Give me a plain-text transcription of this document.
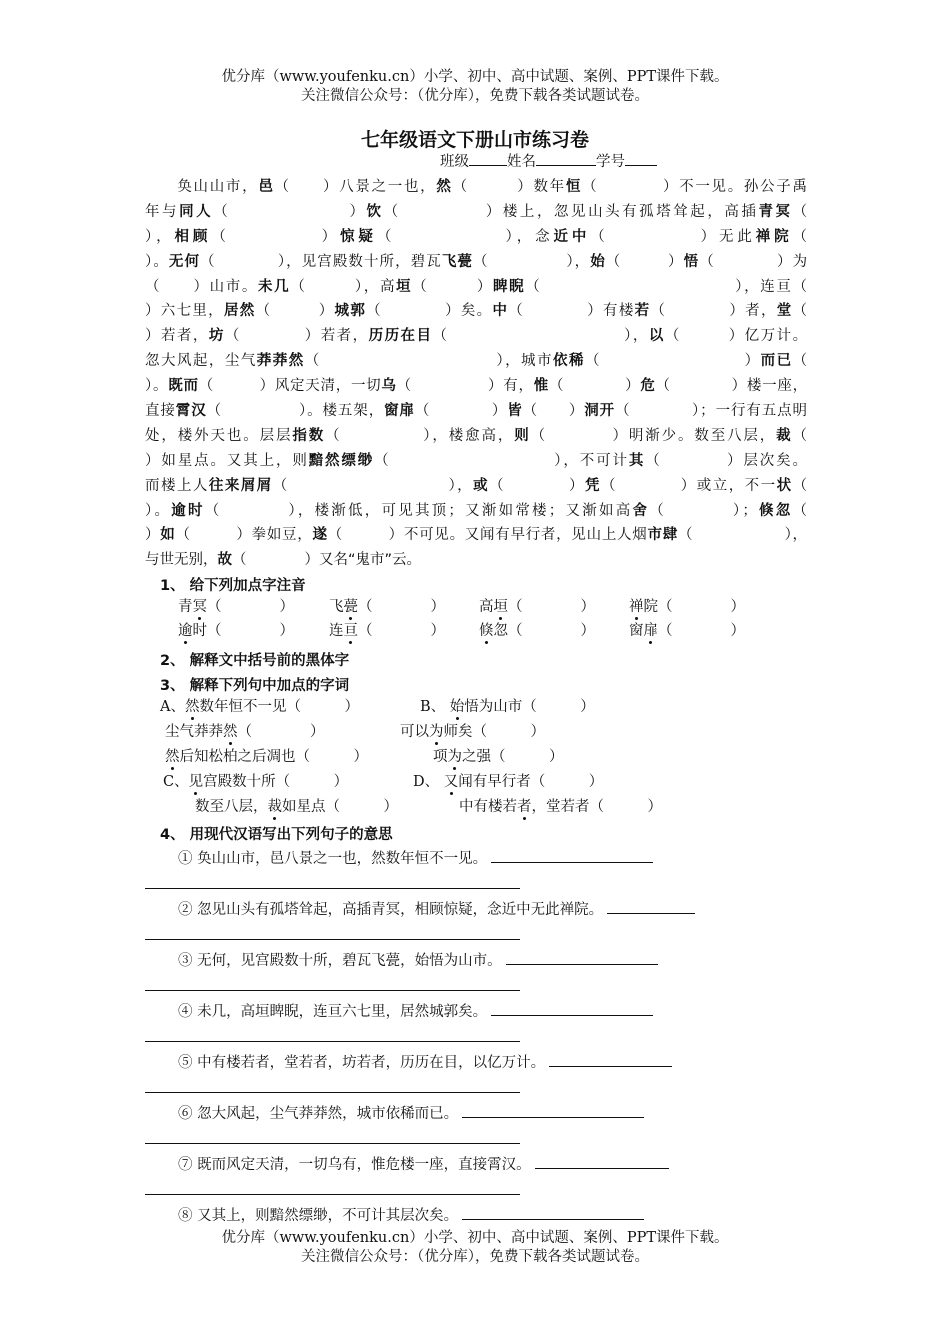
优分库（www.youfenku.cn）小学、初中、高中试题、案例、PPT课件下载。
关注微信公众号：（优分库），免费下载各类试题试卷。
七年级语文下册山市练习卷
班级	姓名	学号
　　奂山山市，邑（　　）八景之一也，然（　　　）数年恒（　　　　）不一见。孙公子禹
年与同人（　　　　　　　）饮（　　　　　）楼上，忽见山头有孤塔耸起，高插青冥（
），相顾（　　　　　）惊疑（　　　　　　），念近中（　　　　　）无此禅院（
）。无何（　　　　），见宫殿数十所，碧瓦飞甍（　　　　　），始（　　　）悟（　　　　）为
（　　）山市。未几（　　　），高垣（　　　）睥睨（　　　　　　　　　　　　），连亘（
）六七里，居然（　　　）城郭（　　　　）矣。中（　　　　）有楼若（　　　　）者，堂（
）若者，坊（　　　　）若者，历历在目（　　　　　　　　　　　），以（　　　）亿万计。
忽大风起，尘气莽莽然（　　　　　　　　　　　），城市依稀（　　　　　　　　　）而已（
）。既而（　　　）风定天清，一切乌（　　　　　）有，惟（　　　　）危（　　　　）楼一座，
直接霄汉（　　　　　）。楼五架，窗扉（　　　　）皆（　　）洞开（　　　　）；一行有五点明
处，楼外天也。层层指数（　　　　　），楼愈高，则（　　　　）明渐少。数至八层，裁（
）如星点。又其上，则黯然缥缈（　　　　　　　　　　），不可计其（　　　　）层次矣。
而楼上人往来屑屑（　　　　　　　　　　），或（　　　　）凭（　　　　）或立，不一状（
）。逾时（　　　　），楼渐低，可见其顶；又渐如常楼；又渐如高舍（　　　　）；倏忽（
）如（　　　）拳如豆，遂（　　　）不可见。又闻有早行者，见山上人烟市肆（　　　　　　），
与世无别，故（　　　　）又名“鬼市”云。
1、 给下列加点字注音
青冥（　　　　） 飞甍（　　　　） 高垣（　　　　） 禅院（　　　　）
逾时（　　　　） 连亘（　　　　） 倏忽（　　　　） 窗扉（　　　　）
2、 解释文中括号前的黑体字
3、 解释下列句中加点的字词
A、然数年恒不一见（　　　）	B、 始悟为山市（　　　）
尘气莽莽然（　　　　）	可以为师矣（　　　）
然后知松柏之后凋也（　　　）	项为之强（　　　）
C、见宫殿数十所（　　　）	D、 又闻有早行者（　　　）
数至八层，裁如星点（　　　）	中有楼若者，堂若者（　　　）
4、 用现代汉语写出下列句子的意思
① 奂山山市，邑八景之一也，然数年恒不一见。
② 忽见山头有孤塔耸起，高插青冥，相顾惊疑，念近中无此禅院。
③ 无何，见宫殿数十所，碧瓦飞甍，始悟为山市。
④ 未几，高垣睥睨，连亘六七里，居然城郭矣。
⑤ 中有楼若者，堂若者，坊若者，历历在目，以亿万计。
⑥ 忽大风起，尘气莽莽然，城市依稀而已。
⑦ 既而风定天清，一切乌有，惟危楼一座，直接霄汉。
⑧ 又其上，则黯然缥缈，不可计其层次矣。
优分库（www.youfenku.cn）小学、初中、高中试题、案例、PPT课件下载。
关注微信公众号：（优分库），免费下载各类试题试卷。
